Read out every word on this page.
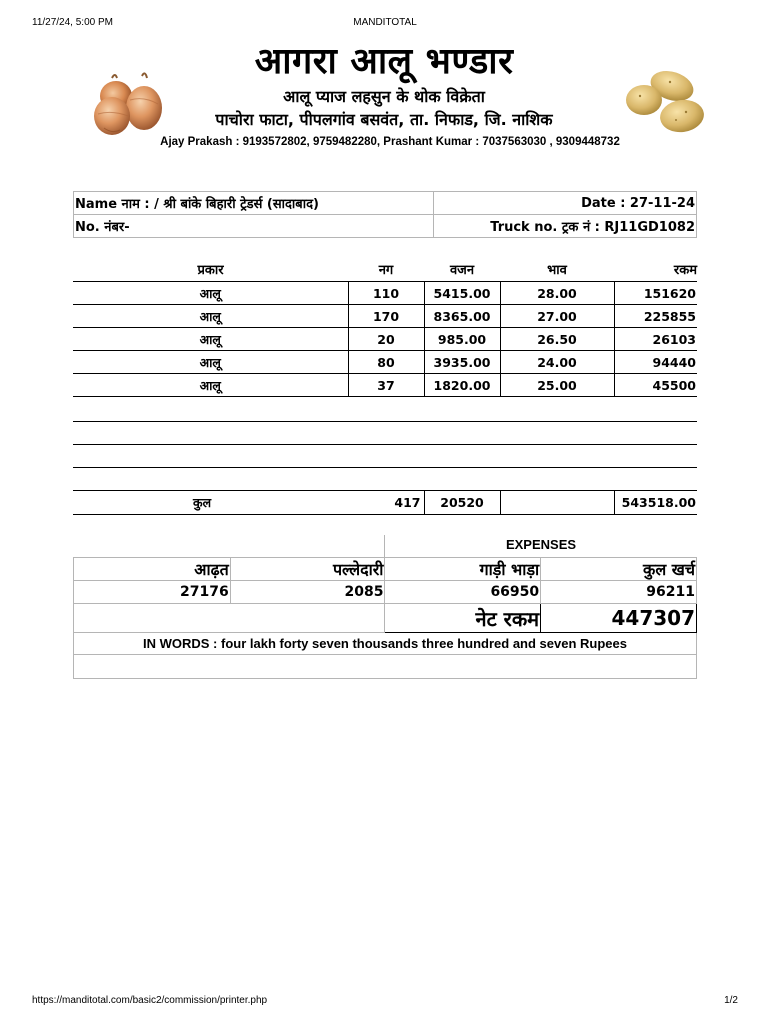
11/27/24, 5:00 PM	MANDITOTAL
आगरा आलू भण्डार
आलू प्याज लहसुन के थोक विक्रेता
पाचोरा फाटा, पीपलगांव बसवंत, ता. निफाड, जि. नाशिक
Ajay Prakash : 9193572802, 9759482280, Prashant Kumar : 7037563030 , 9309448732
Name नाम : / श्री बांके बिहारी ट्रेडर्स (सादाबाद)	Date : 27-11-24
No. नंबर-	Truck no. ट्रक नं : RJ11GD1082
प्रकार	नग	वजन	भाव	रकम
आलू	110	5415.00	28.00	151620
आलू	170	8365.00	27.00	225855
आलू	20	985.00	26.50	26103
आलू	80	3935.00	24.00	94440
आलू	37	1820.00	25.00	45500
कुल	417	20520		543518.00
EXPENSES
आढ़त	पल्लेदारी	गाड़ी भाड़ा	कुल खर्च
27176	2085	66950	96211
		नेट रकम	447307
IN WORDS : four lakh forty seven thousands three hundred and seven Rupees			

https://manditotal.com/basic2/commission/printer.php	1/2
